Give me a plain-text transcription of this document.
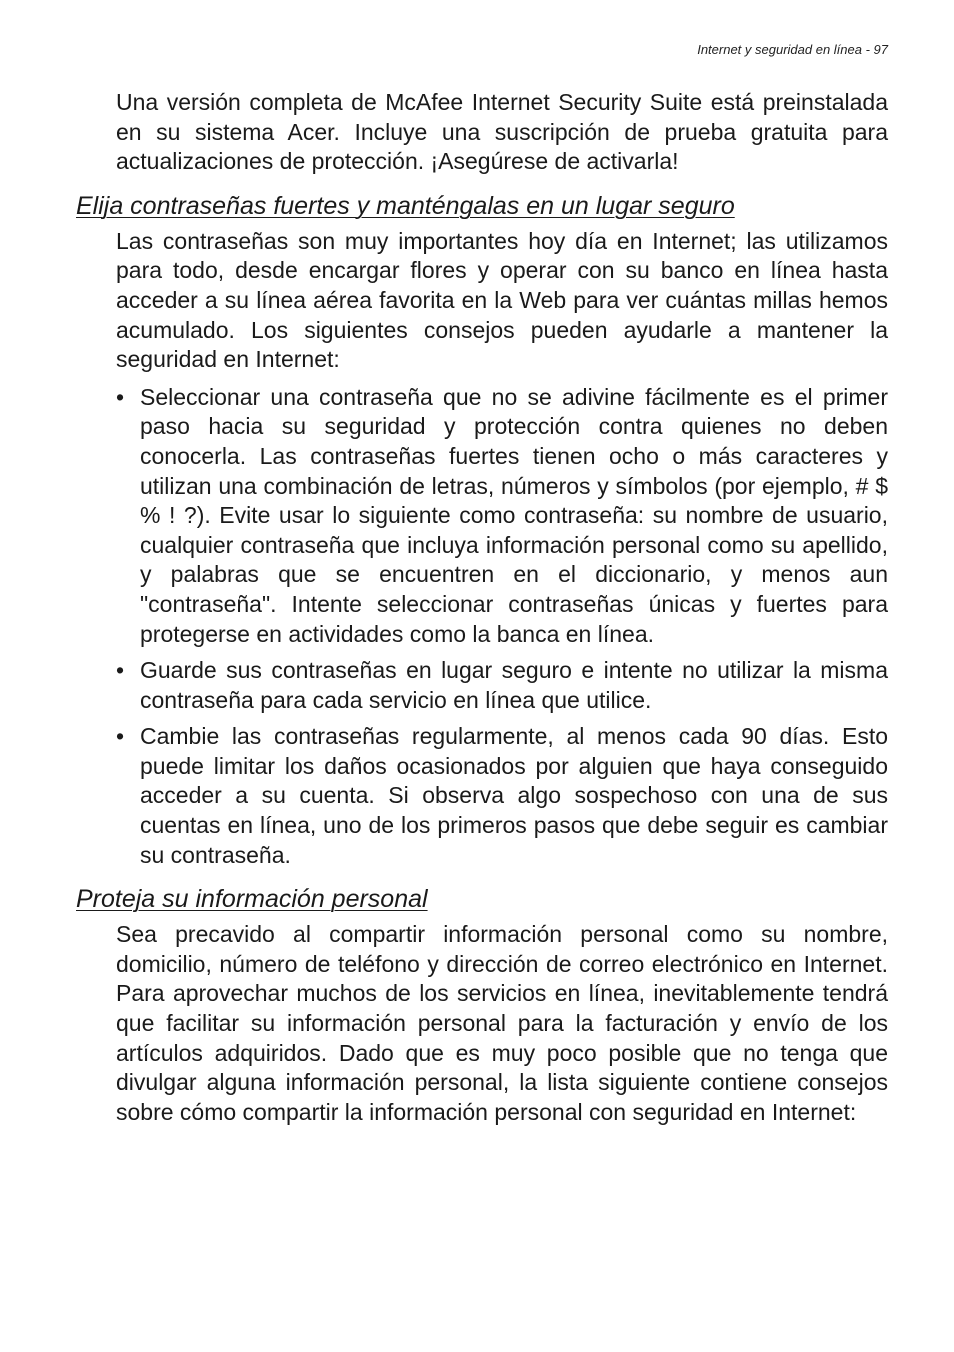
Internet y seguridad en línea - 97

Una versión completa de McAfee Internet Security Suite está preinstalada en su sistema Acer. Incluye una suscripción de prueba gratuita para actualizaciones de protección. ¡Asegúrese de activarla!

Elija contraseñas fuertes y manténgalas en un lugar seguro

Las contraseñas son muy importantes hoy día en Internet; las utilizamos para todo, desde encargar flores y operar con su banco en línea hasta acceder a su línea aérea favorita en la Web para ver cuántas millas hemos acumulado. Los siguientes consejos pueden ayudarle a mantener la seguridad en Internet:

• Seleccionar una contraseña que no se adivine fácilmente es el primer paso hacia su seguridad y protección contra quienes no deben conocerla. Las contraseñas fuertes tienen ocho o más caracteres y utilizan una combinación de letras, números y símbolos (por ejemplo, # $ % ! ?). Evite usar lo siguiente como contraseña: su nombre de usuario, cualquier contraseña que incluya información personal como su apellido, y palabras que se encuentren en el diccionario, y menos aun "contraseña". Intente seleccionar contraseñas únicas y fuertes para protegerse en actividades como la banca en línea.
• Guarde sus contraseñas en lugar seguro e intente no utilizar la misma contraseña para cada servicio en línea que utilice.
• Cambie las contraseñas regularmente, al menos cada 90 días. Esto puede limitar los daños ocasionados por alguien que haya conseguido acceder a su cuenta. Si observa algo sospechoso con una de sus cuentas en línea, uno de los primeros pasos que debe seguir es cambiar su contraseña.
Proteja su información personal

Sea precavido al compartir información personal como su nombre, domicilio, número de teléfono y dirección de correo electrónico en Internet. Para aprovechar muchos de los servicios en línea, inevitablemente tendrá que facilitar su información personal para la facturación y envío de los artículos adquiridos. Dado que es muy poco posible que no tenga que divulgar alguna información personal, la lista siguiente contiene consejos sobre cómo compartir la información personal con seguridad en Internet:
